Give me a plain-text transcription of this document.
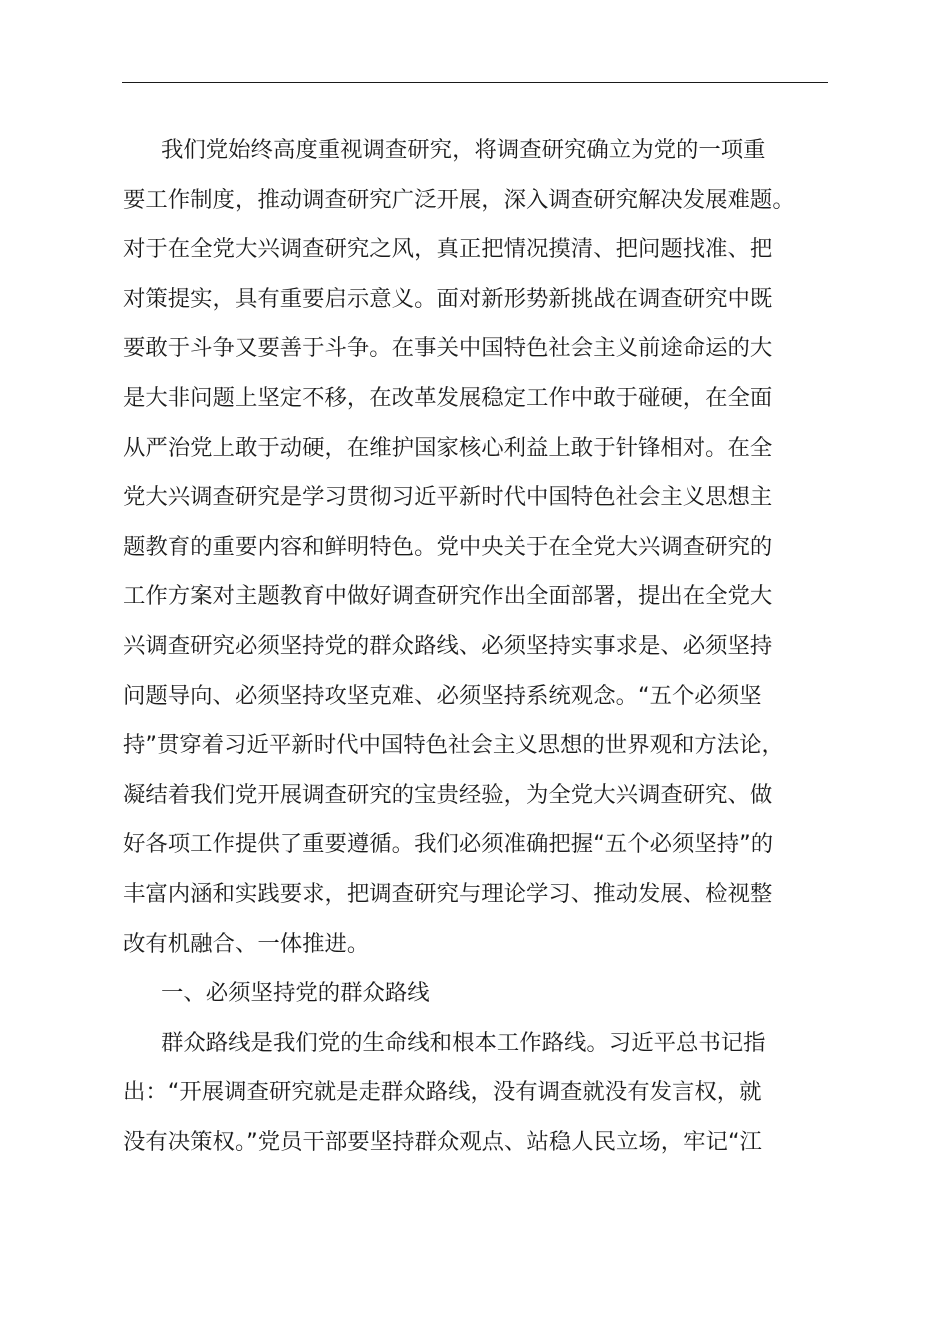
我们党始终高度重视调查研究，将调查研究确立为党的一项重
要工作制度，推动调查研究广泛开展，深入调查研究解决发展难题。
对于在全党大兴调查研究之风，真正把情况摸清、把问题找准、把
对策提实，具有重要启示意义。面对新形势新挑战在调查研究中既
要敢于斗争又要善于斗争。在事关中国特色社会主义前途命运的大
是大非问题上坚定不移，在改革发展稳定工作中敢于碰硬，在全面
从严治党上敢于动硬，在维护国家核心利益上敢于针锋相对。在全
党大兴调查研究是学习贯彻习近平新时代中国特色社会主义思想主
题教育的重要内容和鲜明特色。党中央关于在全党大兴调查研究的
工作方案对主题教育中做好调查研究作出全面部署，提出在全党大
兴调查研究必须坚持党的群众路线、必须坚持实事求是、必须坚持
问题导向、必须坚持攻坚克难、必须坚持系统观念。“五个必须坚
持”贯穿着习近平新时代中国特色社会主义思想的世界观和方法论，
凝结着我们党开展调查研究的宝贵经验，为全党大兴调查研究、做
好各项工作提供了重要遵循。我们必须准确把握“五个必须坚持”的
丰富内涵和实践要求，把调查研究与理论学习、推动发展、检视整
改有机融合、一体推进。
一、必须坚持党的群众路线
群众路线是我们党的生命线和根本工作路线。习近平总书记指
出：“开展调查研究就是走群众路线，没有调查就没有发言权，就
没有决策权。”党员干部要坚持群众观点、站稳人民立场，牢记“江
